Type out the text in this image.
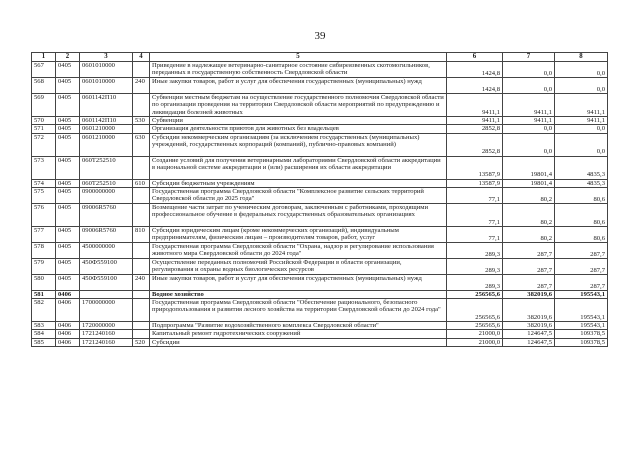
39
1	2	3	4	5	6	7	8
567	0405	0601010000		Приведение в надлежащее ветеринарно-санитарное состояние сибиреязвенных скотомогильников, переданных в государственную собственность Свердловской области	1424,8	0,0	0,0
568	0405	0601010000	240	Иные закупки товаров, работ и услуг для обеспечения государственных (муниципальных) нужд	1424,8	0,0	0,0
569	0405	0601142П10		Субвенции местным бюджетам на осуществление государственного полномочия Свердловской области по организации проведения на территории Свердловской области мероприятий по предупреждению и ликвидации болезней животных	9411,1	9411,1	9411,1
570	0405	0601142П10	530	Субвенции	9411,1	9411,1	9411,1
571	0405	0601210000		Организация деятельности приютов для животных без владельцев	2852,8	0,0	0,0
572	0405	0601210000	630	Субсидии некоммерческим организациям (за исключением государственных (муниципальных) учреждений, государственных корпораций (компаний), публично-правовых компаний)	2852,8	0,0	0,0
573	0405	060Т252510		Создание условий для получения ветеринарными лабораториями Свердловской области аккредитации в национальной системе аккредитации и (или) расширения их области аккредитации	13587,9	19801,4	4835,3
574	0405	060Т252510	610	Субсидии бюджетным учреждениям	13587,9	19801,4	4835,3
575	0405	0900000000		Государственная программа Свердловской области "Комплексное развитие сельских территорий Свердловской области до 2025 года"	77,1	80,2	80,6
576	0405	09006R5760		Возмещение части затрат по ученическим договорам, заключенным с работниками, проходящими профессиональное обучение в федеральных государственных образовательных организациях	77,1	80,2	80,6
577	0405	09006R5760	810	Субсидии юридическим лицам (кроме некоммерческих организаций), индивидуальным предпринимателям, физическим лицам – производителям товаров, работ, услуг	77,1	80,2	80,6
578	0405	4500000000		Государственная программа Свердловской области "Охрана, надзор и регулирование использования животного мира Свердловской области до 2024 года"	289,3	287,7	287,7
579	0405	450Ф559100		Осуществление переданных полномочий Российской Федерации в области организации, регулирования и охраны водных биологических ресурсов	289,3	287,7	287,7
580	0405	450Ф559100	240	Иные закупки товаров, работ и услуг для обеспечения государственных (муниципальных) нужд	289,3	287,7	287,7
581	0406			Водное хозяйство	256565,6	382019,6	195543,1
582	0406	1700000000		Государственная программа Свердловской области "Обеспечение рационального, безопасного природопользования и развития лесного хозяйства на территории Свердловской области до 2024 года"	256565,6	382019,6	195543,1
583	0406	1720000000		Подпрограмма "Развитие водохозяйственного комплекса Свердловской области"	256565,6	382019,6	195543,1
584	0406	1721240160		Капитальный ремонт гидротехнических сооружений	21000,0	124647,5	109378,5
585	0406	1721240160	520	Субсидии	21000,0	124647,5	109378,5
